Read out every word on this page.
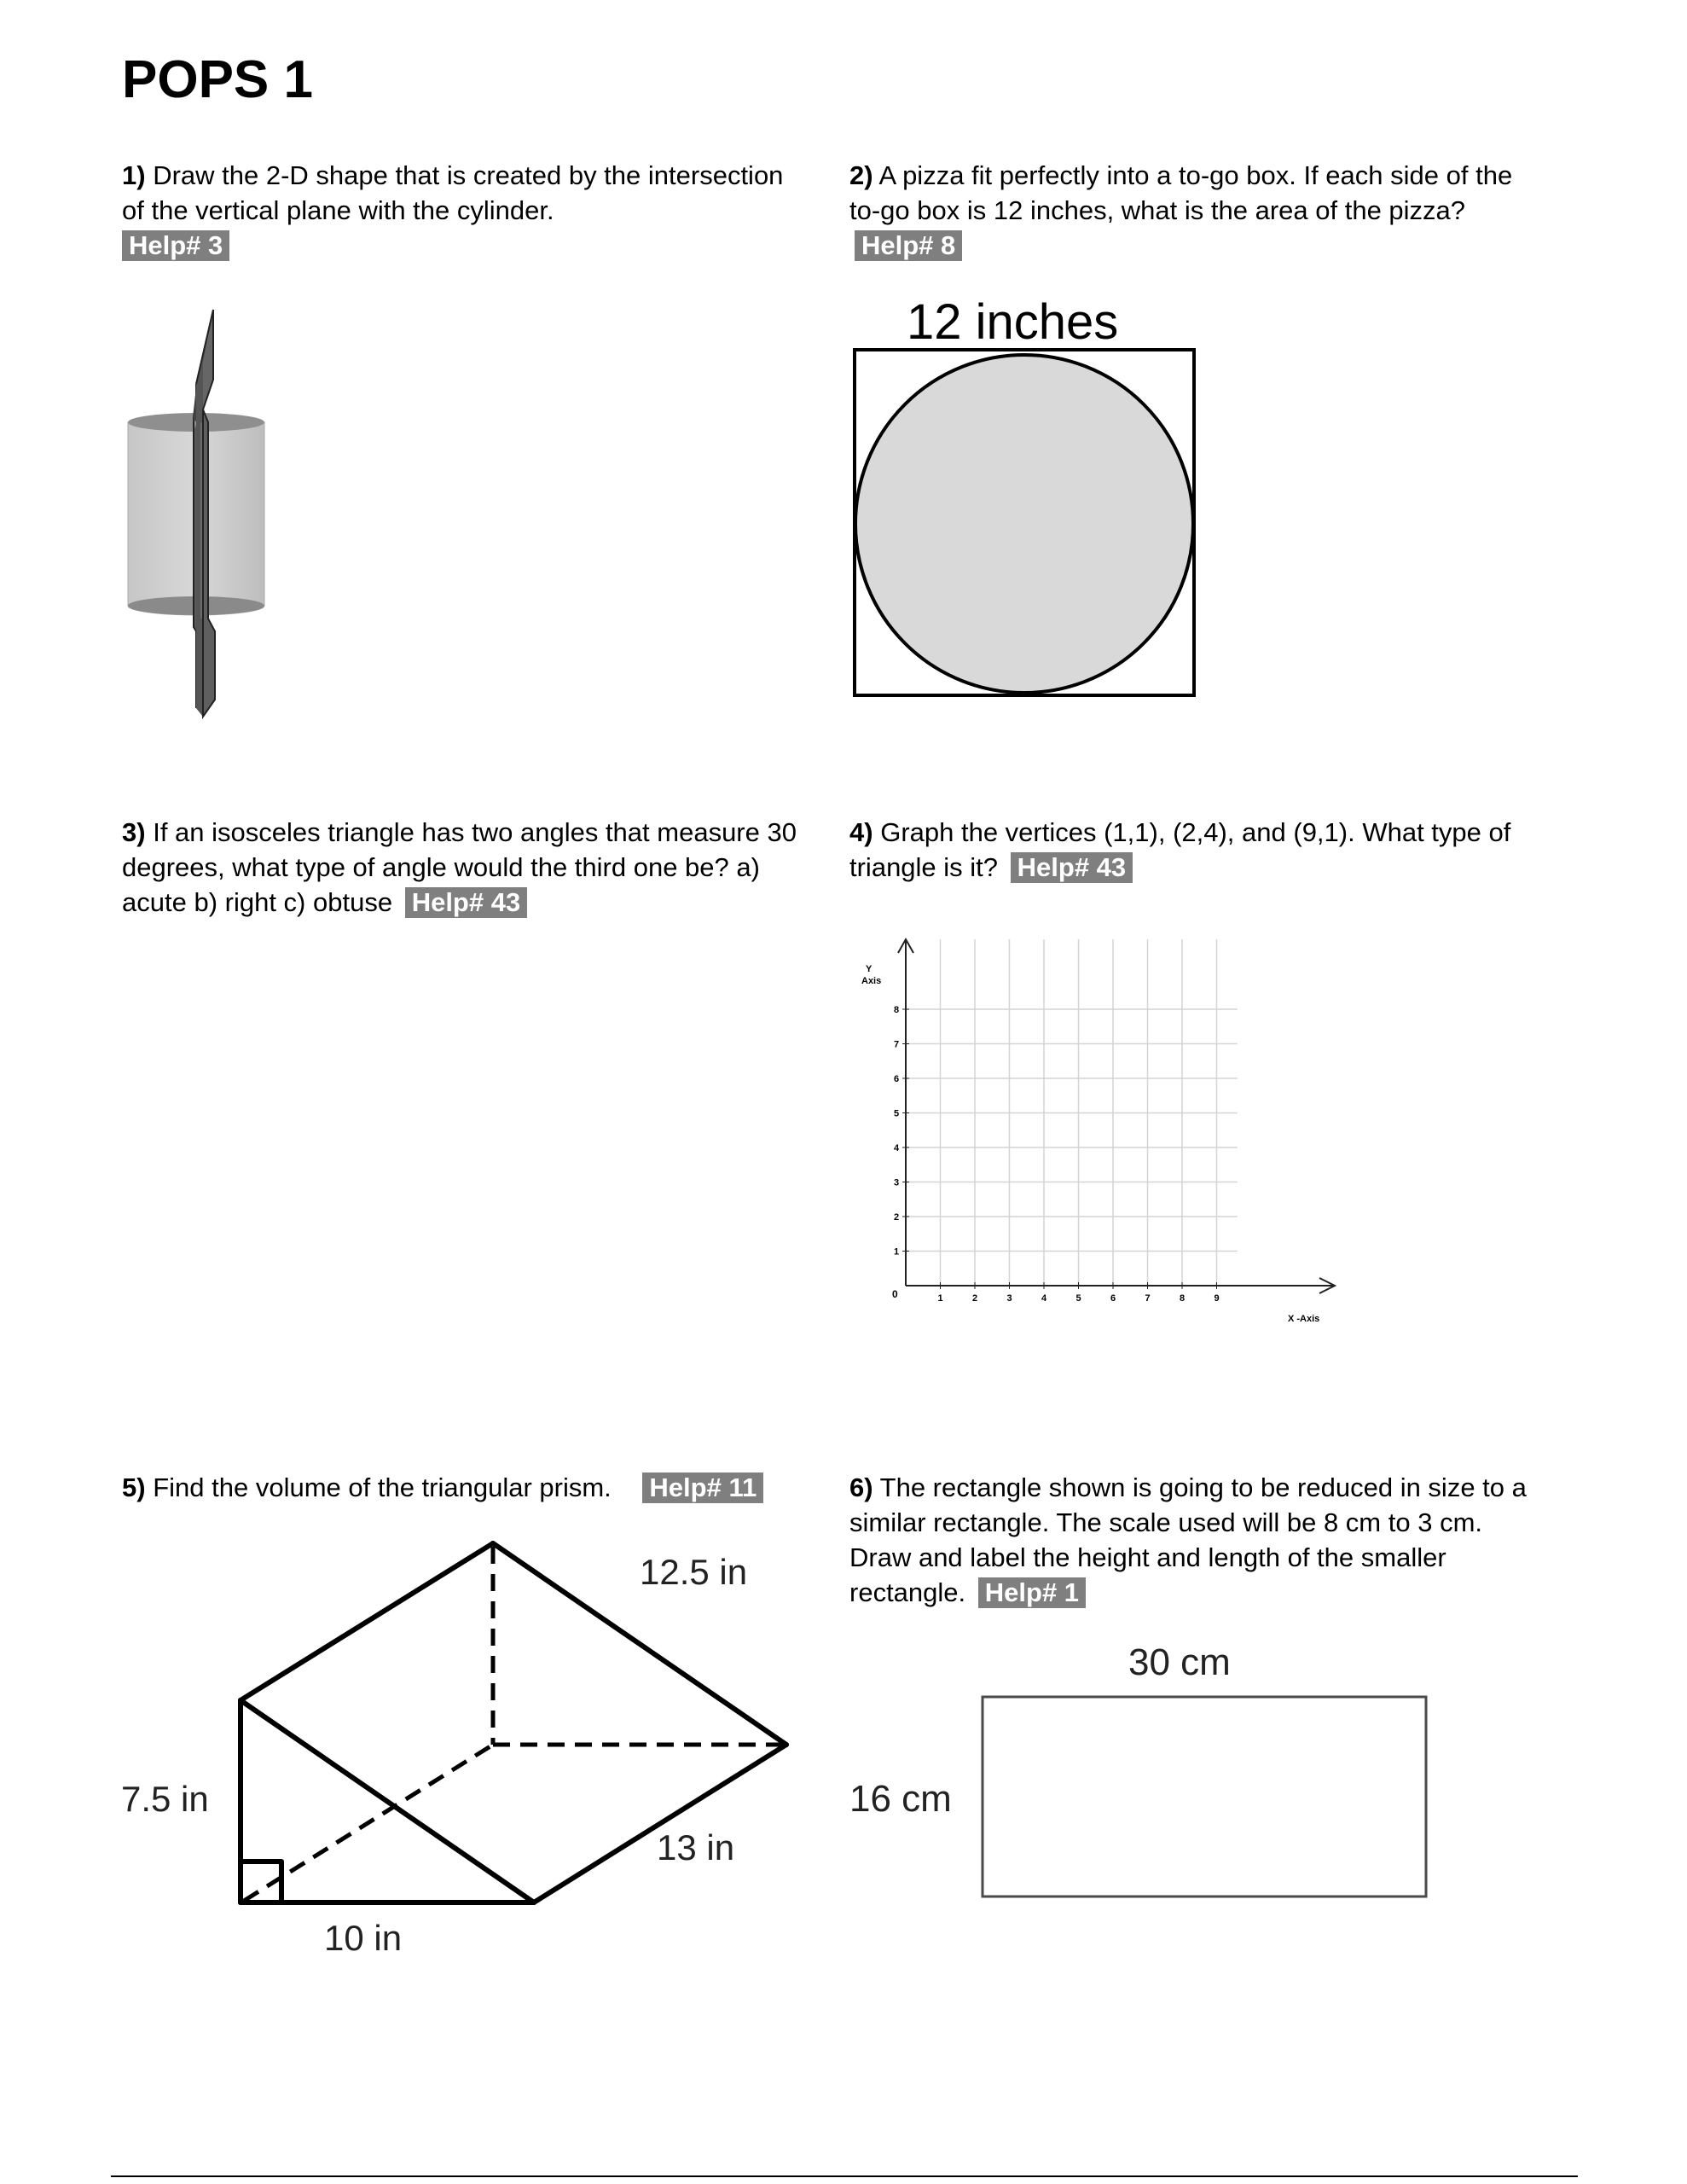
POPS 1
1) Draw the 2-D shape that is created by the intersection of the vertical plane with the cylinder.
Help# 3
2) A pizza fit perfectly into a to-go box. If each side of the to-go box is 12 inches, what is the area of the pizza? Help# 8
12 inches
3) If an isosceles triangle has two angles that measure 30 degrees, what type of angle would the third one be? a) acute b) right c) obtuse Help# 43
4) Graph the vertices (1,1), (2,4), and (9,1). What type of triangle is it? Help# 43
1	2	3	4	5	6	7	8	9
1
2
3
4
5
6
7
8
Y
Axis
0
X -Axis
5) Find the volume of the triangular prism. Help# 11
12.5 in
7.5 in
13 in
10 in
6) The rectangle shown is going to be reduced in size to a similar rectangle. The scale used will be 8 cm to 3 cm. Draw and label the height and length of the smaller rectangle. Help# 1
30 cm
16 cm
